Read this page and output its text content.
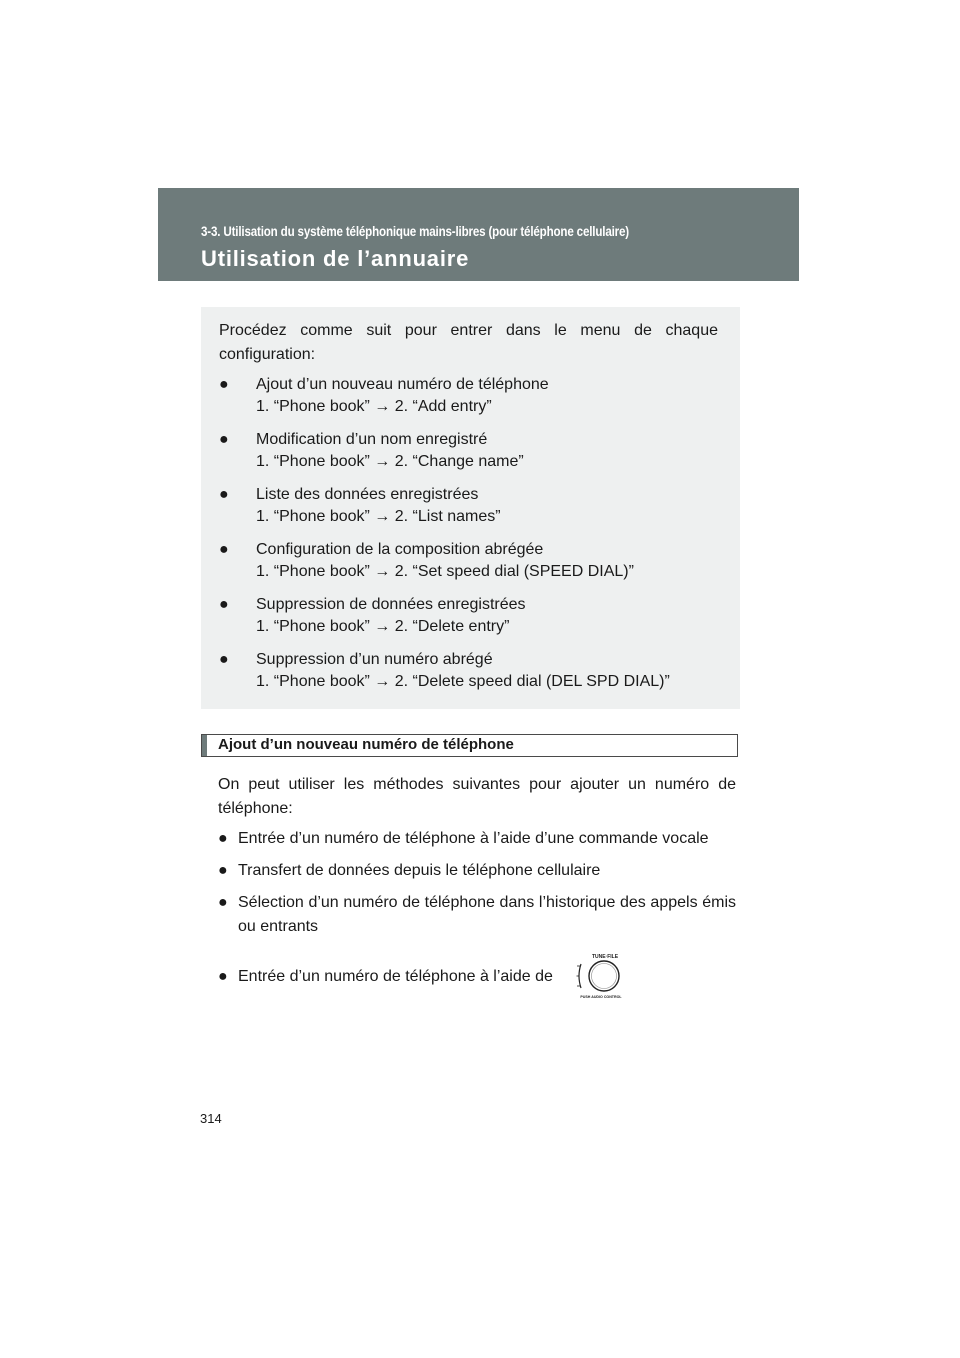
3-3. Utilisation du système téléphonique mains-libres (pour téléphone cellulaire)
Utilisation de l’annuaire
Procédez comme suit pour entrer dans le menu de chaque configuration:
● Ajout d’un nouveau numéro de téléphone
1. “Phone book” → 2. “Add entry”
● Modification d’un nom enregistré
1. “Phone book” → 2. “Change name”
● Liste des données enregistrées
1. “Phone book” → 2. “List names”
● Configuration de la composition abrégée
1. “Phone book” → 2. “Set speed dial (SPEED DIAL)”
● Suppression de données enregistrées
1. “Phone book” → 2. “Delete entry”
● Suppression d’un numéro abrégé
1. “Phone book” → 2. “Delete speed dial (DEL SPD DIAL)”
Ajout d’un nouveau numéro de téléphone
On peut utiliser les méthodes suivantes pour ajouter un numéro de téléphone:
● Entrée d’un numéro de téléphone à l’aide d’une commande vocale
● Transfert de données depuis le téléphone cellulaire
● Sélection d’un numéro de téléphone dans l’historique des appels émis ou entrants
● Entrée d’un numéro de téléphone à l’aide de
TUNE·FILE
PUSH AUDIO CONTROL
314
